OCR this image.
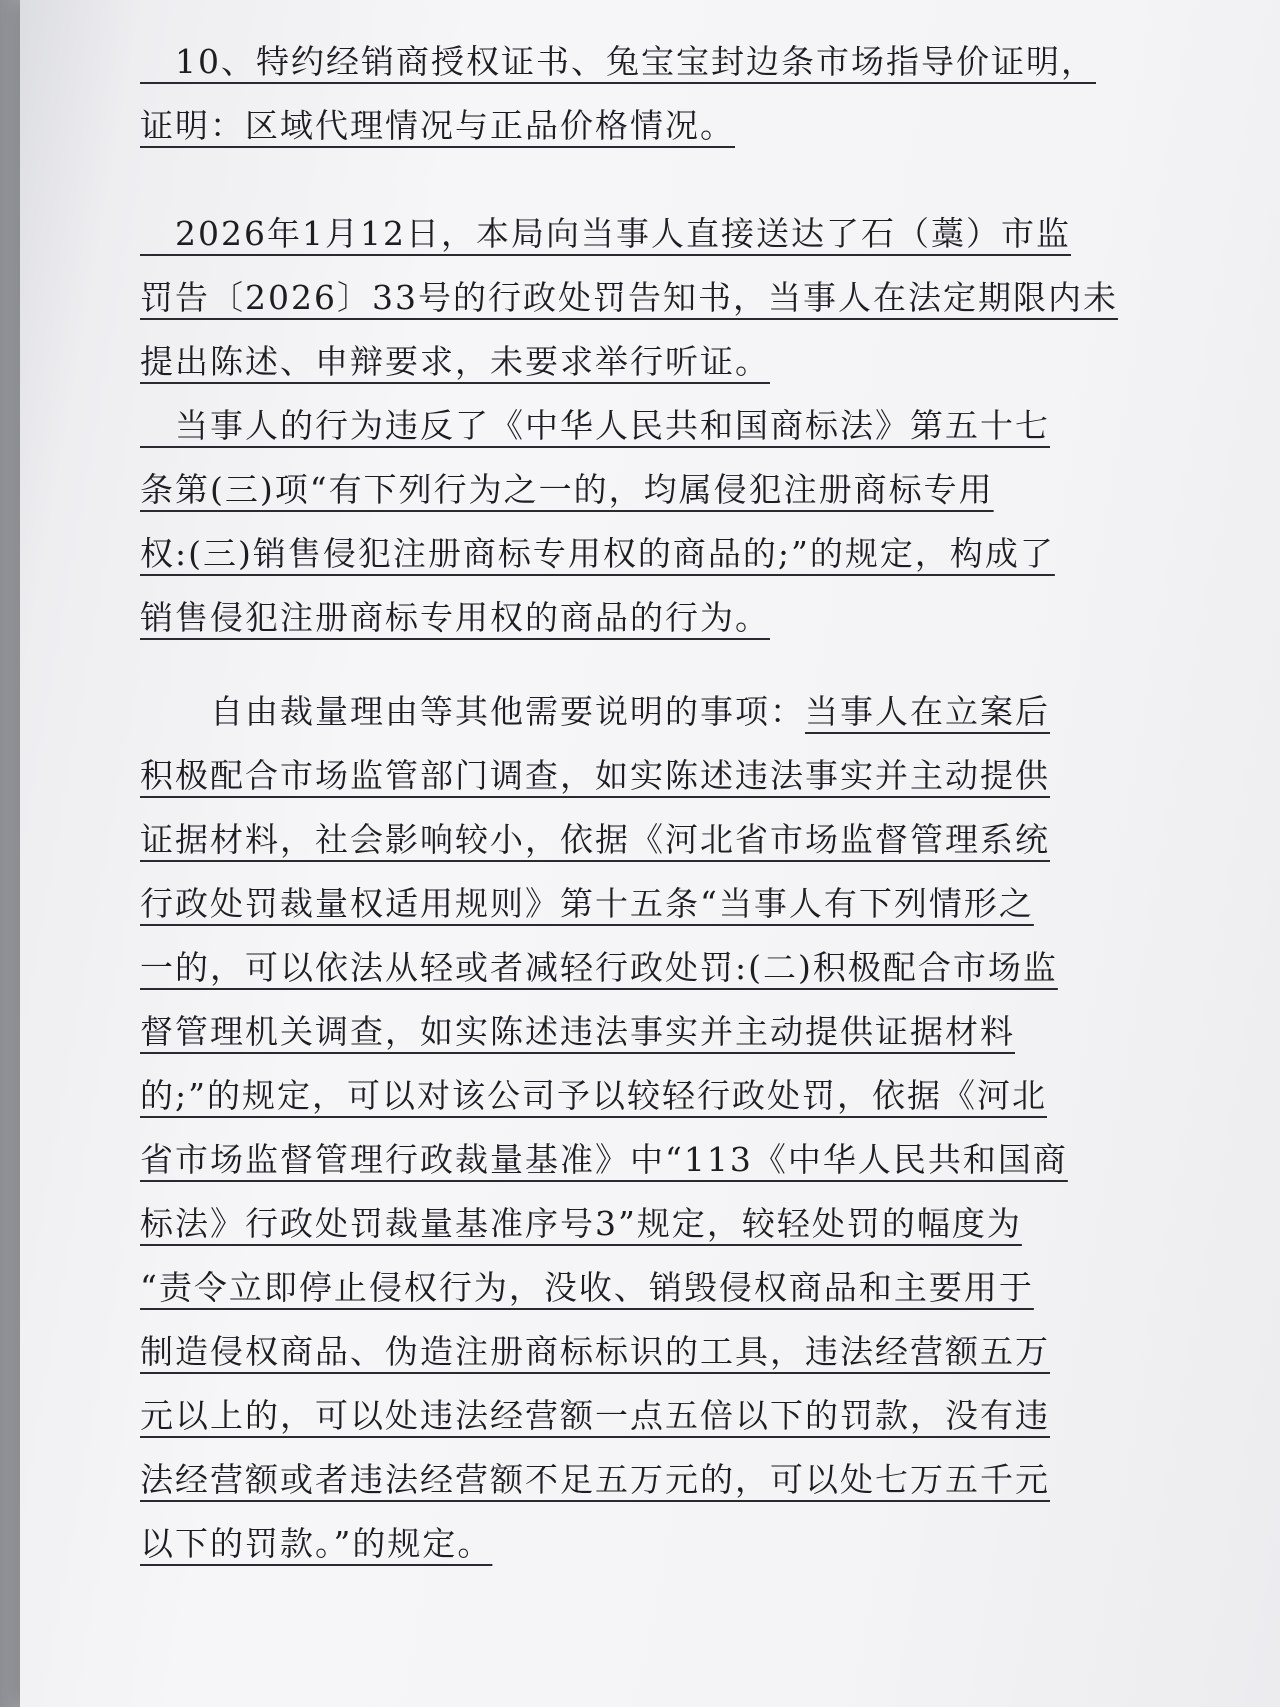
　10、特约经销商授权证书、兔宝宝封边条市场指导价证明，
证明：区域代理情况与正品价格情况。
　2026年1月12日，本局向当事人直接送达了石（藁）市监
罚告〔2026〕33号的行政处罚告知书，当事人在法定期限内未
提出陈述、申辩要求，未要求举行听证。
　当事人的行为违反了《中华人民共和国商标法》第五十七
条第(三)项“有下列行为之一的，均属侵犯注册商标专用
权:(三)销售侵犯注册商标专用权的商品的;”的规定，构成了
销售侵犯注册商标专用权的商品的行为。
　　自由裁量理由等其他需要说明的事项：当事人在立案后
积极配合市场监管部门调查，如实陈述违法事实并主动提供
证据材料，社会影响较小，依据《河北省市场监督管理系统
行政处罚裁量权适用规则》第十五条“当事人有下列情形之
一的，可以依法从轻或者减轻行政处罚:(二)积极配合市场监
督管理机关调查，如实陈述违法事实并主动提供证据材料
的;”的规定，可以对该公司予以较轻行政处罚，依据《河北
省市场监督管理行政裁量基准》中“113《中华人民共和国商
标法》行政处罚裁量基准序号3”规定，较轻处罚的幅度为
“责令立即停止侵权行为，没收、销毁侵权商品和主要用于
制造侵权商品、伪造注册商标标识的工具，违法经营额五万
元以上的，可以处违法经营额一点五倍以下的罚款，没有违
法经营额或者违法经营额不足五万元的，可以处七万五千元
以下的罚款。”的规定。
